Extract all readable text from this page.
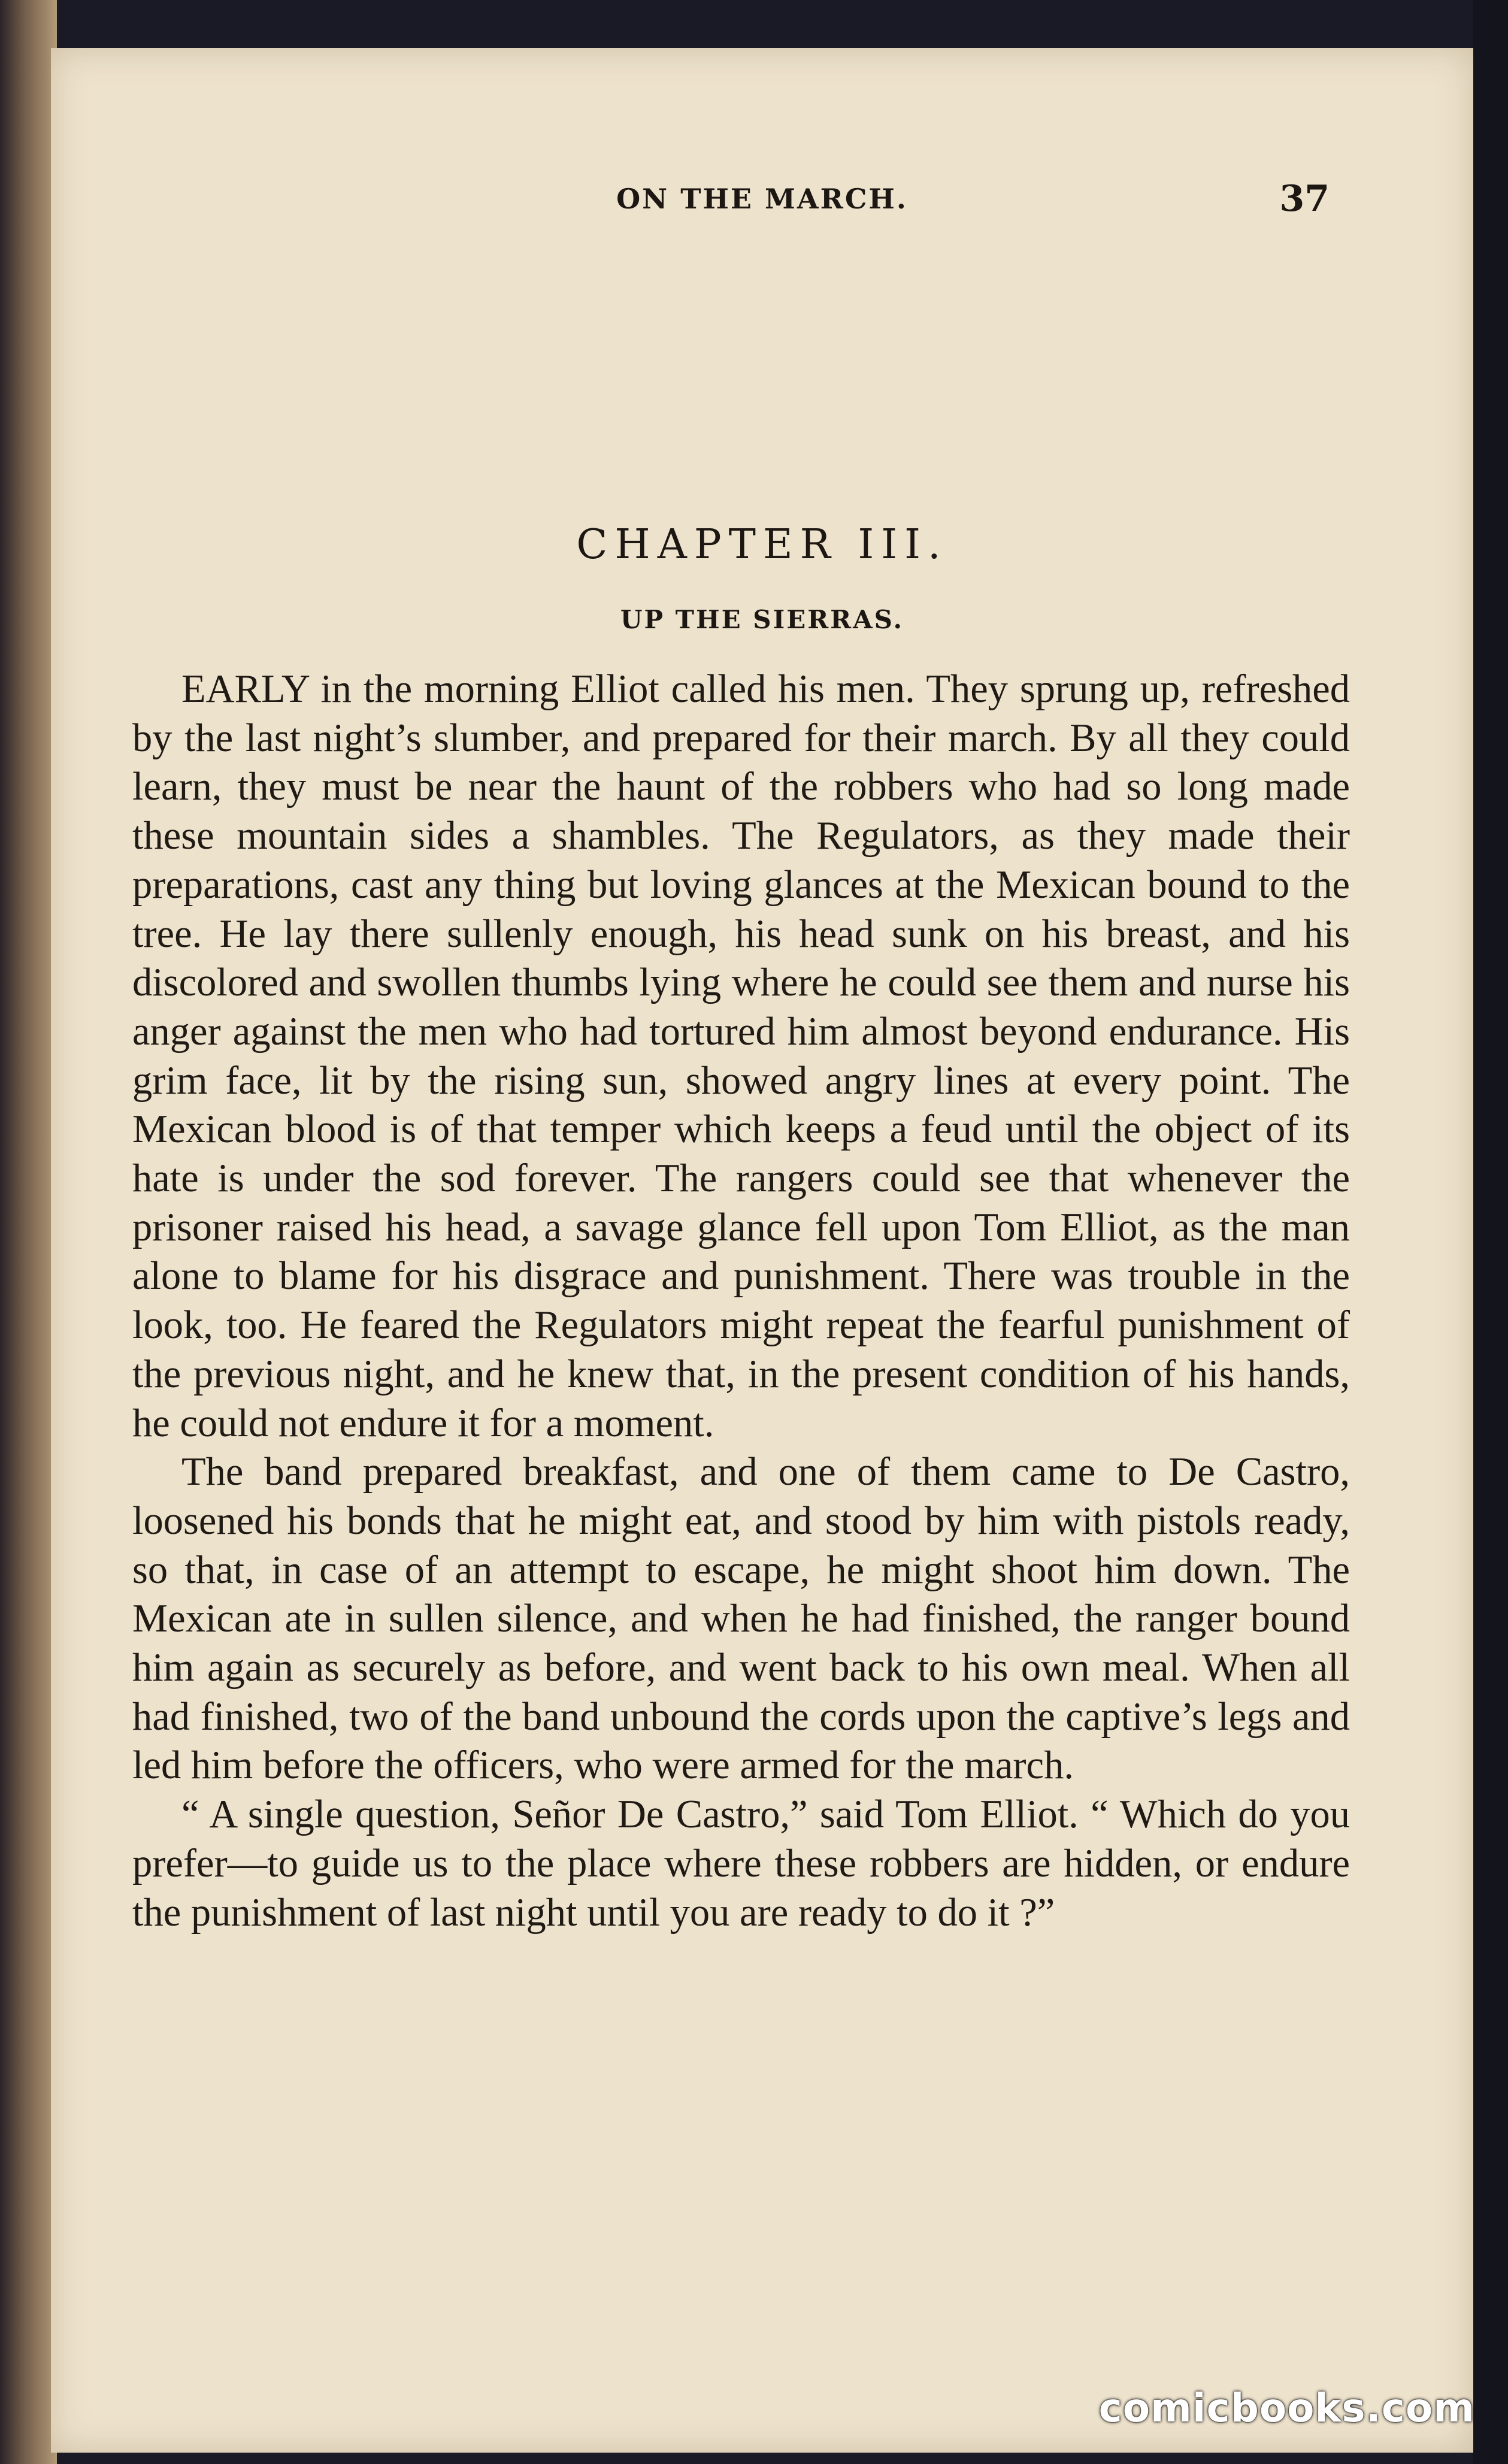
ON THE MARCH.	37
CHAPTER III.
UP THE SIERRAS.

EARLY in the morning Elliot called his men. They sprung up, refreshed by the last night’s slumber, and prepared for their march. By all they could learn, they must be near the haunt of the robbers who had so long made these mountain sides a shambles. The Regulators, as they made their preparations, cast any thing but loving glances at the Mexican bound to the tree. He lay there sullenly enough, his head sunk on his breast, and his discolored and swollen thumbs lying where he could see them and nurse his anger against the men who had tortured him almost beyond endurance. His grim face, lit by the rising sun, showed angry lines at every point. The Mexican blood is of that temper which keeps a feud until the object of its hate is under the sod forever. The rangers could see that whenever the prisoner raised his head, a savage glance fell upon Tom Elliot, as the man alone to blame for his disgrace and punishment. There was trouble in the look, too. He feared the Regulators might repeat the fearful punishment of the previous night, and he knew that, in the present condition of his hands, he could not endure it for a moment.

The band prepared breakfast, and one of them came to De Castro, loosened his bonds that he might eat, and stood by him with pistols ready, so that, in case of an attempt to escape, he might shoot him down. The Mexican ate in sullen silence, and when he had finished, the ranger bound him again as securely as before, and went back to his own meal. When all had finished, two of the band unbound the cords upon the captive’s legs and led him before the officers, who were armed for the march.

“ A single question, Señor De Castro,” said Tom Elliot. “ Which do you prefer—to guide us to the place where these robbers are hidden, or endure the punishment of last night until you are ready to do it ?”

comicbooks.com
